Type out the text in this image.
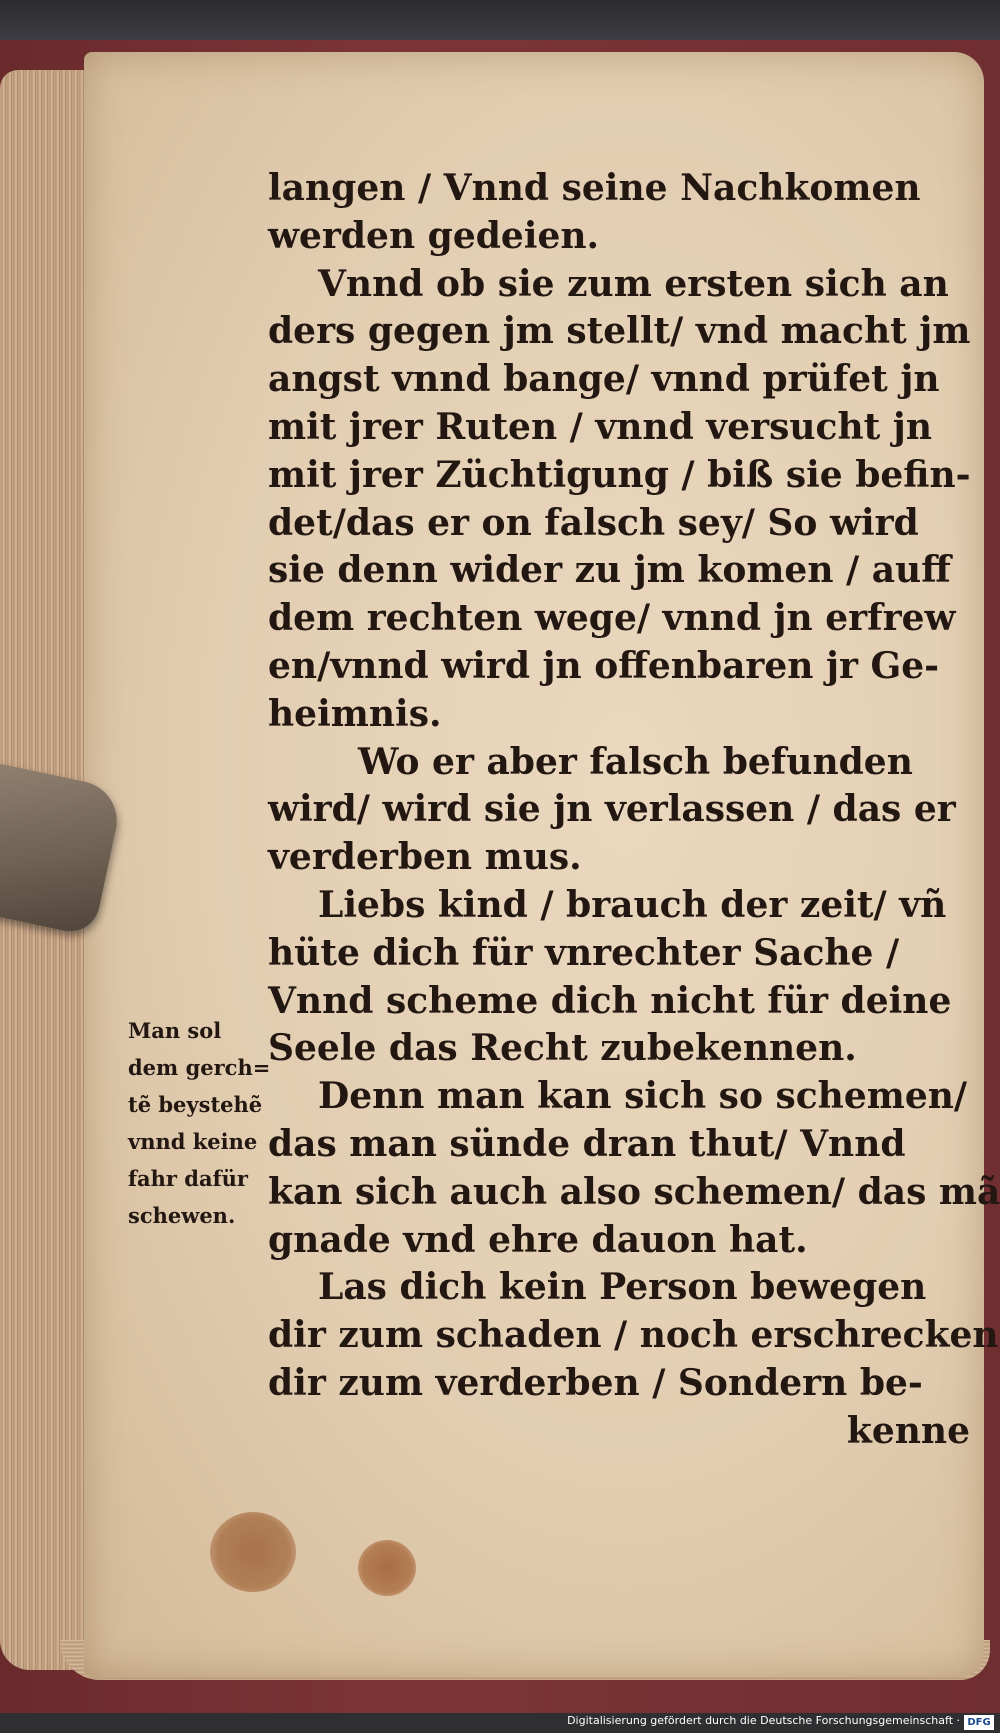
langen / Vnnd seine Nachkomen
werden gedeien.
Vnnd ob sie zum ersten sich an
ders gegen jm stellt/ vnd macht jm
angst vnnd bange/ vnnd prüfet jn
mit jrer Ruten / vnnd versucht jn
mit jrer Züchtigung / biß sie befin-
det/das er on falsch sey/ So wird
sie denn wider zu jm komen / auff
dem rechten wege/ vnnd jn erfrew
en/vnnd wird jn offenbaren jr Ge-
heimnis.
Wo er aber falsch befunden
wird/ wird sie jn verlassen / das er
verderben mus.
Liebs kind / brauch der zeit/ vñ
hüte dich für vnrechter Sache /
Vnnd scheme dich nicht für deine
Seele das Recht zubekennen.
Denn man kan sich so schemen/
das man sünde dran thut/ Vnnd
kan sich auch also schemen/ das mã
gnade vnd ehre dauon hat.
Las dich kein Person bewegen
dir zum schaden / noch erschrecken
dir zum verderben / Sondern be-
kenne
Man sol
dem gerch=
tẽ beystehẽ
vnnd keine
fahr dafür
schewen.
Digitalisierung gefördert durch die Deutsche Forschungsgemeinschaft · DFG
